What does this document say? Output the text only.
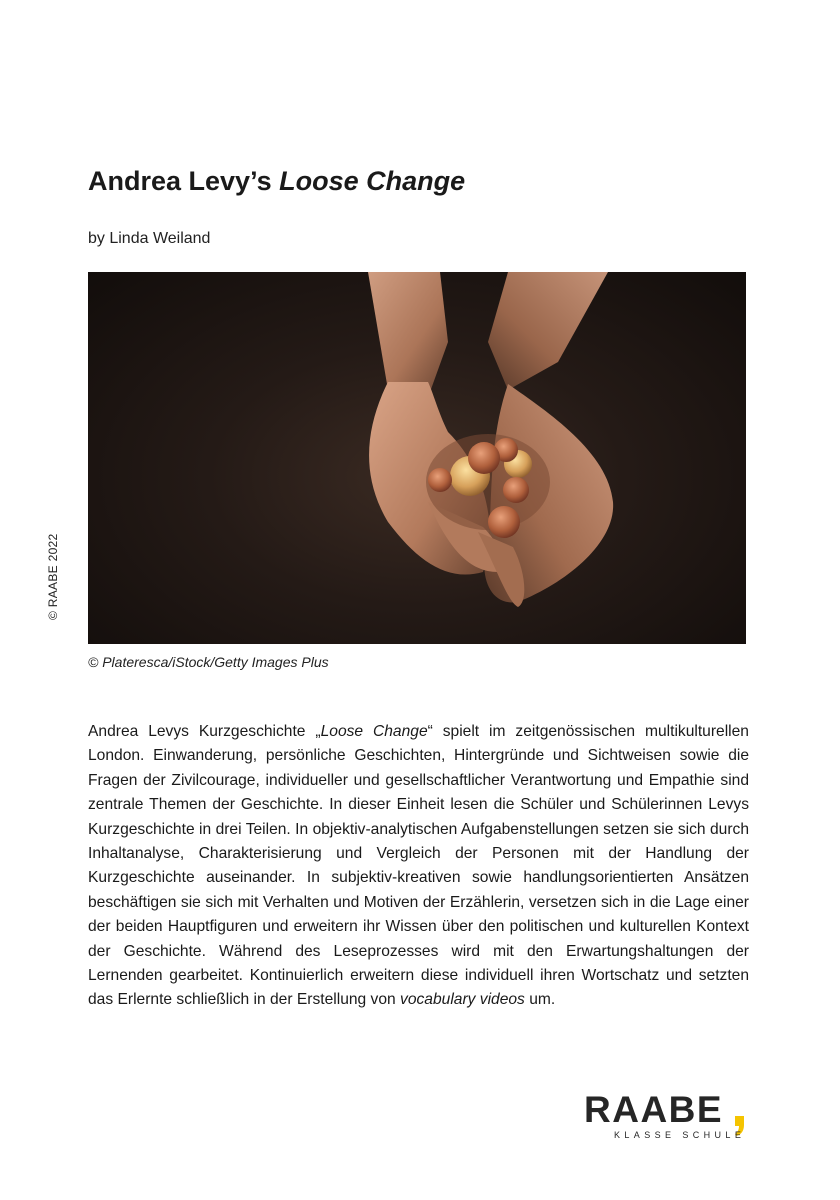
© RAABE 2022
Andrea Levy’s Loose Change
by Linda Weiland
© Plateresca/iStock/Getty Images Plus

Andrea Levys Kurzgeschichte „Loose Change“ spielt im zeitgenössischen multikulturellen London. Einwanderung, persönliche Geschichten, Hintergründe und Sichtweisen sowie die Fragen der Zivilcourage, individueller und gesellschaftlicher Verantwortung und Empathie sind zentrale Themen der Geschichte. In dieser Einheit lesen die Schüler und Schülerinnen Levys Kurzgeschichte in drei Teilen. In objektiv-analytischen Aufgabenstellungen setzen sie sich durch Inhaltanalyse, Charakterisierung und Vergleich der Personen mit der Handlung der Kurzgeschichte auseinander. In subjektiv-kreativen sowie handlungsorientierten Ansätzen beschäftigen sie sich mit Verhalten und Motiven der Erzählerin, versetzen sich in die Lage einer der beiden Hauptfiguren und erweitern ihr Wissen über den politischen und kulturellen Kontext der Geschichte. Während des Leseprozesses wird mit den Erwartungshaltungen der Lernenden gearbeitet. Kontinuierlich erweitern diese individuell ihren Wortschatz und setzten das Erlernte schließlich in der Erstellung von vocabulary videos um.

RAABE
KLASSE SCHULE
